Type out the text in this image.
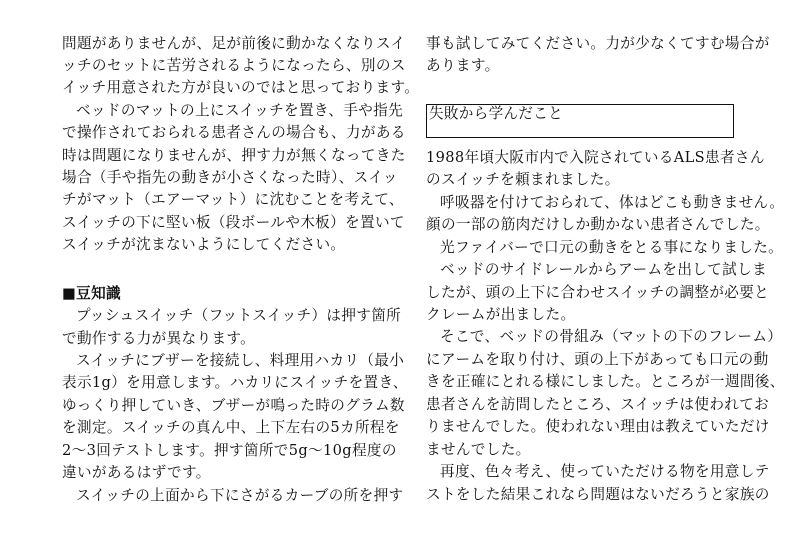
問題がありませんが、足が前後に動かなくなりスイ
ッチのセットに苦労されるようになったら、別のス
イッチ用意された方が良いのではと思っております。
ベッドのマットの上にスイッチを置き、手や指先
で操作されておられる患者さんの場合も、力がある
時は問題になりませんが、押す力が無くなってきた
場合（手や指先の動きが小さくなった時）、スイッ
チがマット（エアーマット）に沈むことを考えて、
スイッチの下に堅い板（段ボールや木板）を置いて
スイッチが沈まないようにしてください。
■豆知識
プッシュスイッチ（フットスイッチ）は押す箇所
で動作する力が異なります。
スイッチにブザーを接続し、料理用ハカリ（最小
表示1g）を用意します。ハカリにスイッチを置き、
ゆっくり押していき、ブザーが鳴った時のグラム数
を測定。スイッチの真ん中、上下左右の5カ所程を
2～3回テストします。押す箇所で5g～10g程度の
違いがあるはずです。
スイッチの上面から下にさがるカーブの所を押す
事も試してみてください。力が少なくてすむ場合が
あります。
1988年頃大阪市内で入院されているALS患者さん
のスイッチを頼まれました。
呼吸器を付けておられて、体はどこも動きません。
顔の一部の筋肉だけしか動かない患者さんでした。
光ファイバーで口元の動きをとる事になりました。
ベッドのサイドレールからアームを出して試しま
したが、頭の上下に合わせスイッチの調整が必要と
クレームが出ました。
そこで、ベッドの骨組み（マットの下のフレーム）
にアームを取り付け、頭の上下があっても口元の動
きを正確にとれる様にしました。ところが一週間後、
患者さんを訪問したところ、スイッチは使われてお
りませんでした。使われない理由は教えていただけ
ませんでした。
再度、色々考え、使っていただける物を用意しテ
ストをした結果これなら問題はないだろうと家族の
失敗から学んだこと
